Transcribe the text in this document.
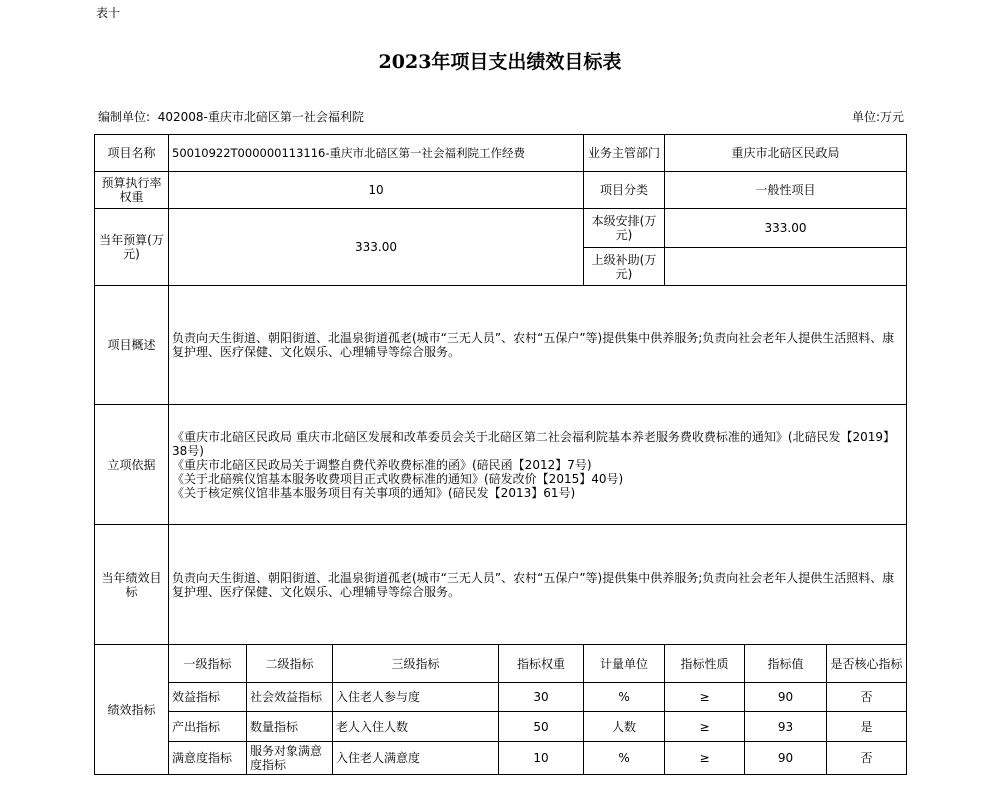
表十
2023年项目支出绩效目标表
编制单位: 402008-重庆市北碚区第一社会福利院	单位:万元
项目名称	50010922T000000113116-重庆市北碚区第一社会福利院工作经费				业务主管部门	重庆市北碚区民政局		
预算执行率权重	10				项目分类	一般性项目		
当年预算(万元)	333.00				本级安排(万元)	333.00		
					上级补助(万元)			
项目概述	负责向天生街道、朝阳街道、北温泉街道孤老(城市“三无人员”、农村“五保户”等)提供集中供养服务;负责向社会老年人提供生活照料、康复护理、医疗保健、文化娱乐、心理辅导等综合服务。							
立项依据	《重庆市北碚区民政局 重庆市北碚区发展和改革委员会关于北碚区第二社会福利院基本养老服务费收费标准的通知》(北碚民发【2019】38号)
《重庆市北碚区民政局关于调整自费代养收费标准的函》(碚民函【2012】7号)
《关于北碚殡仪馆基本服务收费项目正式收费标准的通知》(碚发改价【2015】40号)
《关于核定殡仪馆非基本服务项目有关事项的通知》(碚民发【2013】61号)							

当年绩效目标	负责向天生街道、朝阳街道、北温泉街道孤老(城市“三无人员”、农村“五保户”等)提供集中供养服务;负责向社会老年人提供生活照料、康复护理、医疗保健、文化娱乐、心理辅导等综合服务。							
绩效指标	一级指标	二级指标	三级指标	指标权重	计量单位	指标性质	指标值	是否核心指标
	效益指标	社会效益指标	入住老人参与度	30	%	≥	90	否
	产出指标	数量指标	老人入住人数	50	人数	≥	93	是
	满意度指标	服务对象满意度指标	入住老人满意度	10	%	≥	90	否
